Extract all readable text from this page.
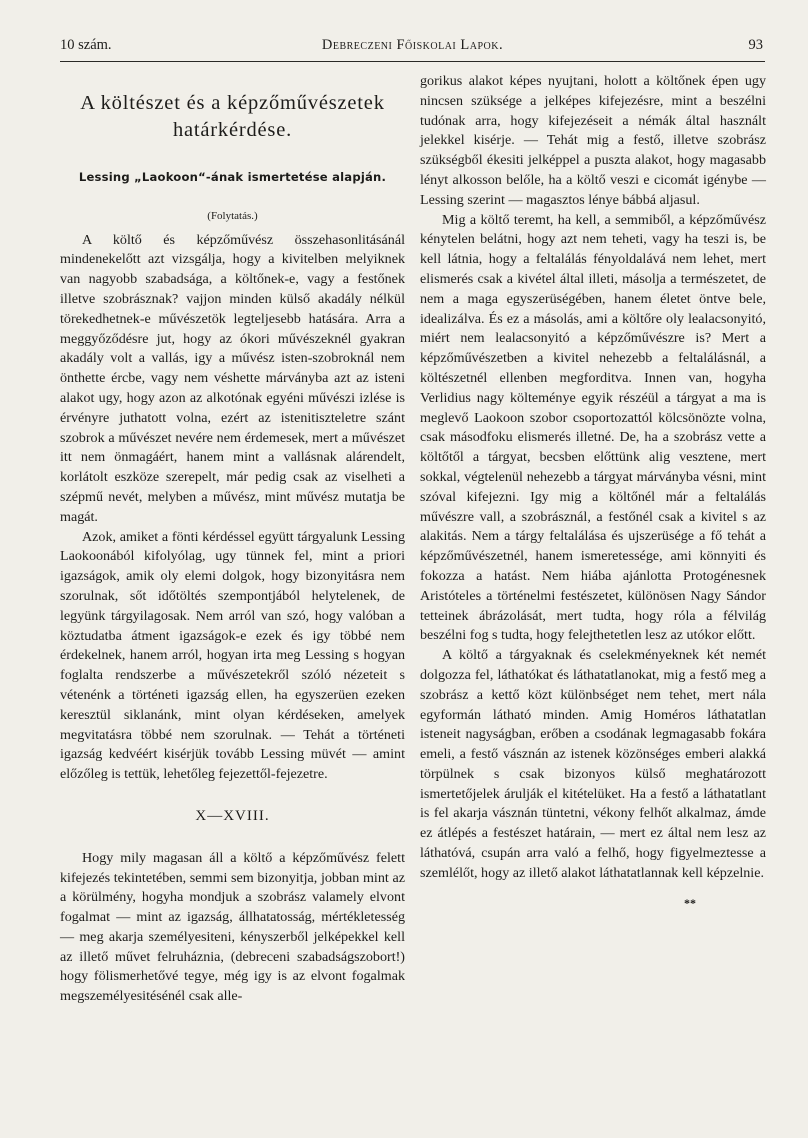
10 szám.	Debreczeni Főiskolai Lapok.	93
A költészet és a képzőművészetek határkérdése.
Lessing „Laokoon“-ának ismertetése alapján.
(Folytatás.)

A költő és képzőművész összehasonlitásánál mindenekelőtt azt vizsgálja, hogy a kivitelben melyiknek van nagyobb szabadsága, a költőnek-e, vagy a festőnek illetve szobrásznak? vajjon minden külső akadály nélkül törekedhetnek-e művészetök legteljesebb hatására. Arra a meggyőződésre jut, hogy az ókori művészeknél gyakran akadály volt a vallás, igy a művész isten-szobroknál nem önthette ércbe, vagy nem véshette márványba azt az isteni alakot ugy, hogy azon az alkotónak egyéni művészi izlése is érvényre juthatott volna, ezért az istenitiszteletre szánt szobrok a művészet nevére nem érdemesek, mert a művészet itt nem önmagáért, hanem mint a vallásnak alárendelt, korlátolt eszköze szerepelt, már pedig csak az viselheti a szépmű nevét, melyben a művész, mint művész mutatja be magát.

Azok, amiket a fönti kérdéssel együtt tárgyalunk Lessing Laokoonából kifolyólag, ugy tünnek fel, mint a priori igazságok, amik oly elemi dolgok, hogy bizonyitásra nem szorulnak, sőt időtöltés szempontjából helytelenek, de legyünk tárgyilagosak. Nem arról van szó, hogy valóban a köztudatba átment igazságok-e ezek és igy többé nem érdekelnek, hanem arról, hogyan irta meg Lessing s hogyan foglalta rendszerbe a művészetekről szóló nézeteit s vétenénk a történeti igazság ellen, ha egyszerüen ezeken keresztül siklanánk, mint olyan kérdéseken, amelyek megvitatásra többé nem szorulnak. — Tehát a történeti igazság kedvéért kisérjük tovább Lessing müvét — amint előzőleg is tettük, lehetőleg fejezettől-fejezetre.

X—XVIII.

Hogy mily magasan áll a költő a képzőművész felett kifejezés tekintetében, semmi sem bizonyitja, jobban mint az a körülmény, hogyha mondjuk a szobrász valamely elvont fogalmat — mint az igazság, állhatatosság, mértékletesség — meg akarja személyesiteni, kényszerből jelképekkel kell az illető művet felruháznia, (debreceni szabadságszobort!) hogy fölismerhetővé tegye, még igy is az elvont fogalmak megszemélyesitésénél csak alle-

gorikus alakot képes nyujtani, holott a költőnek épen ugy nincsen szüksége a jelképes kifejezésre, mint a beszélni tudónak arra, hogy kifejezéseit a némák által használt jelekkel kisérje. — Tehát mig a festő, illetve szobrász szükségből ékesiti jelképpel a puszta alakot, hogy magasabb lényt alkosson belőle, ha a költő veszi e cicomát igénybe — Lessing szerint — magasztos lénye bábbá aljasul.

Mig a költő teremt, ha kell, a semmiből, a képzőművész kénytelen belátni, hogy azt nem teheti, vagy ha teszi is, be kell látnia, hogy a feltalálás fényoldalává nem lehet, mert elismerés csak a kivétel által illeti, másolja a természetet, de nem a maga egyszerüségében, hanem életet öntve bele, idealizálva. És ez a másolás, ami a költőre oly lealacsonyitó, miért nem lealacsonyitó a képzőművészre is? Mert a képzőművészetben a kivitel nehezebb a feltalálásnál, a költészetnél ellenben megforditva. Innen van, hogyha Verlidius nagy költeménye egyik részéül a tárgyat a ma is meglevő Laokoon szobor csoportozattól kölcsönözte volna, csak másodfoku elismerés illetné. De, ha a szobrász vette a költőtől a tárgyat, becsben előttünk alig vesztene, mert sokkal, végtelenül nehezebb a tárgyat márványba vésni, mint szóval kifejezni. Igy mig a költőnél már a feltalálás művészre vall, a szobrásznál, a festőnél csak a kivitel s az alakitás. Nem a tárgy feltalálása és ujszerüsége a fő tehát a képzőművészetnél, hanem ismeretessége, ami könnyiti és fokozza a hatást. Nem hiába ajánlotta Protogénesnek Aristóteles a történelmi festészetet, különösen Nagy Sándor tetteinek ábrázolását, mert tudta, hogy róla a félvilág beszélni fog s tudta, hogy felejthetetlen lesz az utókor előtt.

A költő a tárgyaknak és cselekményeknek két nemét dolgozza fel, láthatókat és láthatatlanokat, mig a festő meg a szobrász a kettő közt különbséget nem tehet, mert nála egyformán látható minden. Amig Homéros láthatatlan isteneit nagyságban, erőben a csodának legmagasabb fokára emeli, a festő vásznán az istenek közönséges emberi alakká törpülnek s csak bizonyos külső meghatározott ismertetőjelek árulják el kitételüket. Ha a festő a láthatatlant is fel akarja vásznán tüntetni, vékony felhőt alkalmaz, ámde ez átlépés a festészet határain, — mert ez által nem lesz az láthatóvá, csupán arra való a felhő, hogy figyelmeztesse a szemlélőt, hogy az illető alakot láthatatlannak kell képzelnie.

**
